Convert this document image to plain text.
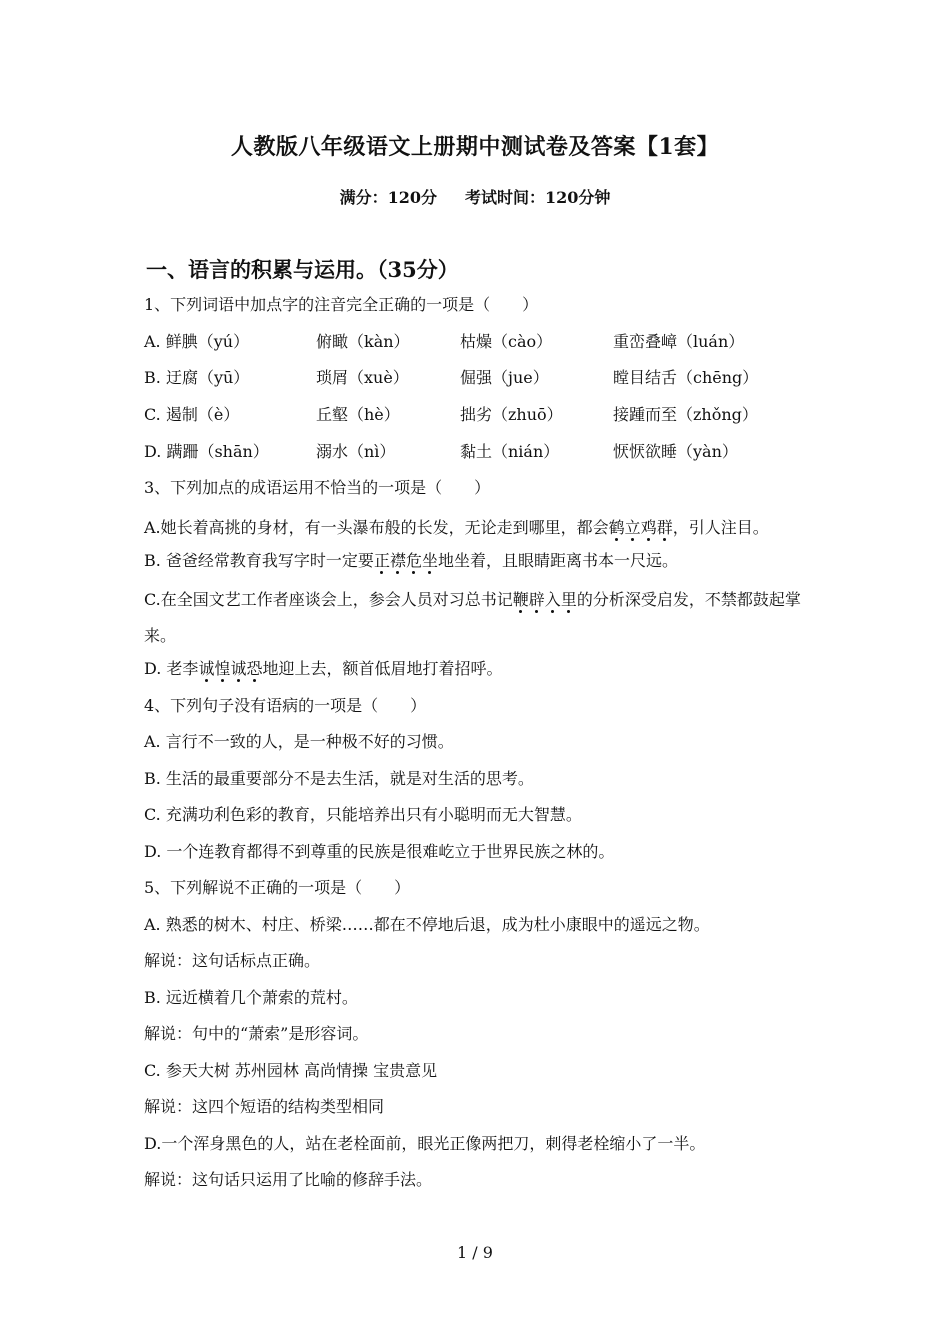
人教版八年级语文上册期中测试卷及答案【1套】
满分：120分 考试时间：120分钟
一、语言的积累与运用。（35分）
1、下列词语中加点字的注音完全正确的一项是（　　）
A. 鲜腆（yú）	俯瞰（kàn）	枯燥（cào）	重峦叠嶂（luán）
B. 迂腐（yū）	琐屑（xuè）	倔强（jue）	瞠目结舌（chēng）
C. 遏制（è）	丘壑（hè）	拙劣（zhuō）	接踵而至（zhǒng）
D. 蹒跚（shān）	溺水（nì）	黏土（nián）	恹恹欲睡（yàn）
3、下列加点的成语运用不恰当的一项是（　　）
A.她长着高挑的身材，有一头瀑布般的长发，无论走到哪里，都会鹤立鸡群，引人注目。
B. 爸爸经常教育我写字时一定要正襟危坐地坐着，且眼睛距离书本一尺远。
C.在全国文艺工作者座谈会上，参会人员对习总书记鞭辟入里的分析深受启发，不禁都鼓起掌来。
D. 老李诚惶诚恐地迎上去，额首低眉地打着招呼。
4、下列句子没有语病的一项是（　　）
A. 言行不一致的人，是一种极不好的习惯。
B. 生活的最重要部分不是去生活，就是对生活的思考。
C. 充满功利色彩的教育，只能培养出只有小聪明而无大智慧。
D. 一个连教育都得不到尊重的民族是很难屹立于世界民族之林的。
5、下列解说不正确的一项是（　　）
A. 熟悉的树木、村庄、桥梁……都在不停地后退，成为杜小康眼中的遥远之物。
解说：这句话标点正确。
B. 远近横着几个萧索的荒村。
解说：句中的“萧索”是形容词。
C. 参天大树 苏州园林 高尚情操 宝贵意见
解说：这四个短语的结构类型相同
D.一个浑身黑色的人，站在老栓面前，眼光正像两把刀，刺得老栓缩小了一半。
解说：这句话只运用了比喻的修辞手法。
1 / 9
